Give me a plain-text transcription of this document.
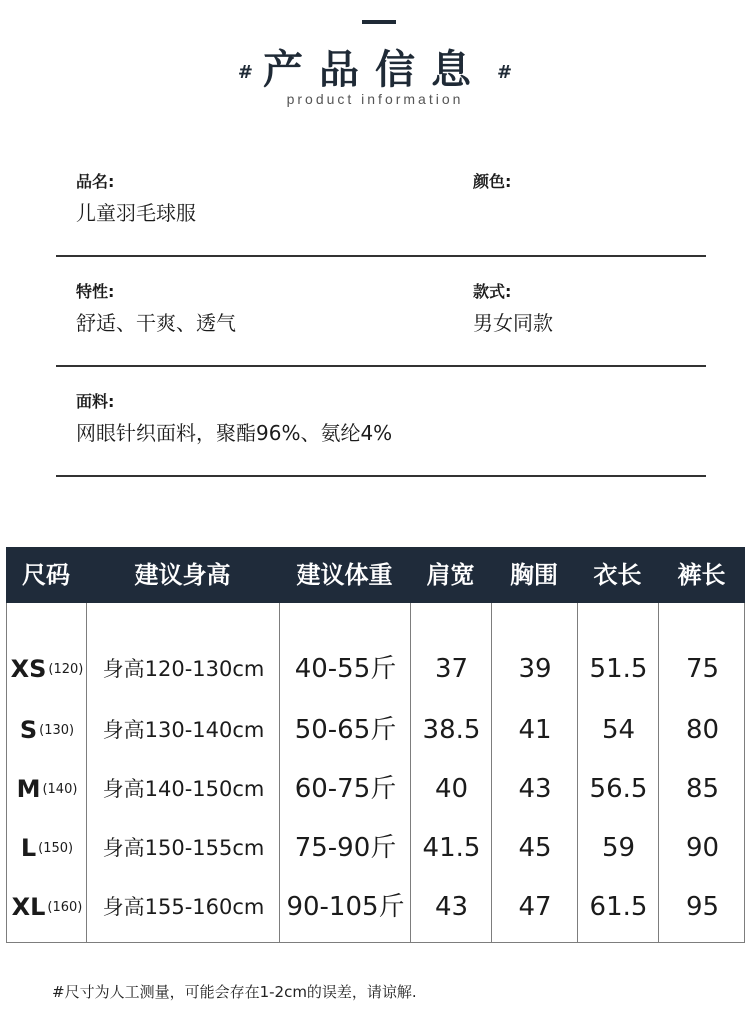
# 产品信息 #
product information
品名:
儿童羽毛球服
颜色:
特性:
舒适、干爽、透气
款式:
男女同款
面料:
网眼针织面料，聚酯96%、氨纶4%
尺码	建议身高	建议体重	肩宽	胸围	衣长	裤长
XS (120) 身高120-130cm	40-55斤	37	39	51.5	75
S (130)	身高130-140cm	50-65斤	38.5	41	54	80
M (140)	身高140-150cm	60-75斤	40	43	56.5	85
L (150)	身高150-155cm	75-90斤	41.5	45	59	90
XL (160) 身高155-160cm 90-105斤	43	47	61.5	95
#尺寸为人工测量，可能会存在1-2cm的误差，请谅解.
